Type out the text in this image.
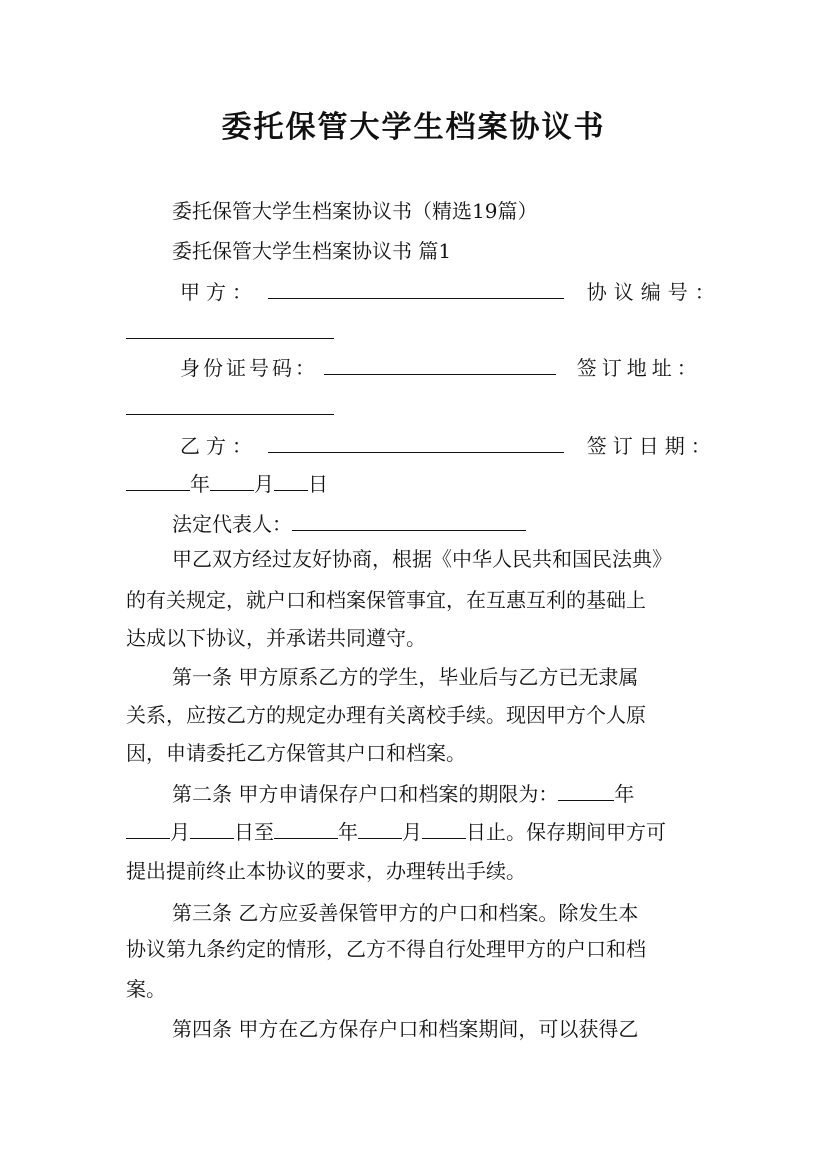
委托保管大学生档案协议书
委托保管大学生档案协议书（精选19篇）
委托保管大学生档案协议书 篇1
甲方：	协议编号：
身份证号码：	签订地址：
乙方：	签订日期：
年 月 日
法定代表人：
甲乙双方经过友好协商，根据《中华人民共和国民法典》
的有关规定，就户口和档案保管事宜，在互惠互利的基础上
达成以下协议，并承诺共同遵守。
第一条 甲方原系乙方的学生，毕业后与乙方已无隶属
关系，应按乙方的规定办理有关离校手续。现因甲方个人原
因，申请委托乙方保管其户口和档案。
第二条 甲方申请保存户口和档案的期限为：	年
月 日至	年 月 日止。保存期间甲方可
提出提前终止本协议的要求，办理转出手续。
第三条 乙方应妥善保管甲方的户口和档案。除发生本
协议第九条约定的情形，乙方不得自行处理甲方的户口和档
案。
第四条 甲方在乙方保存户口和档案期间，可以获得乙
